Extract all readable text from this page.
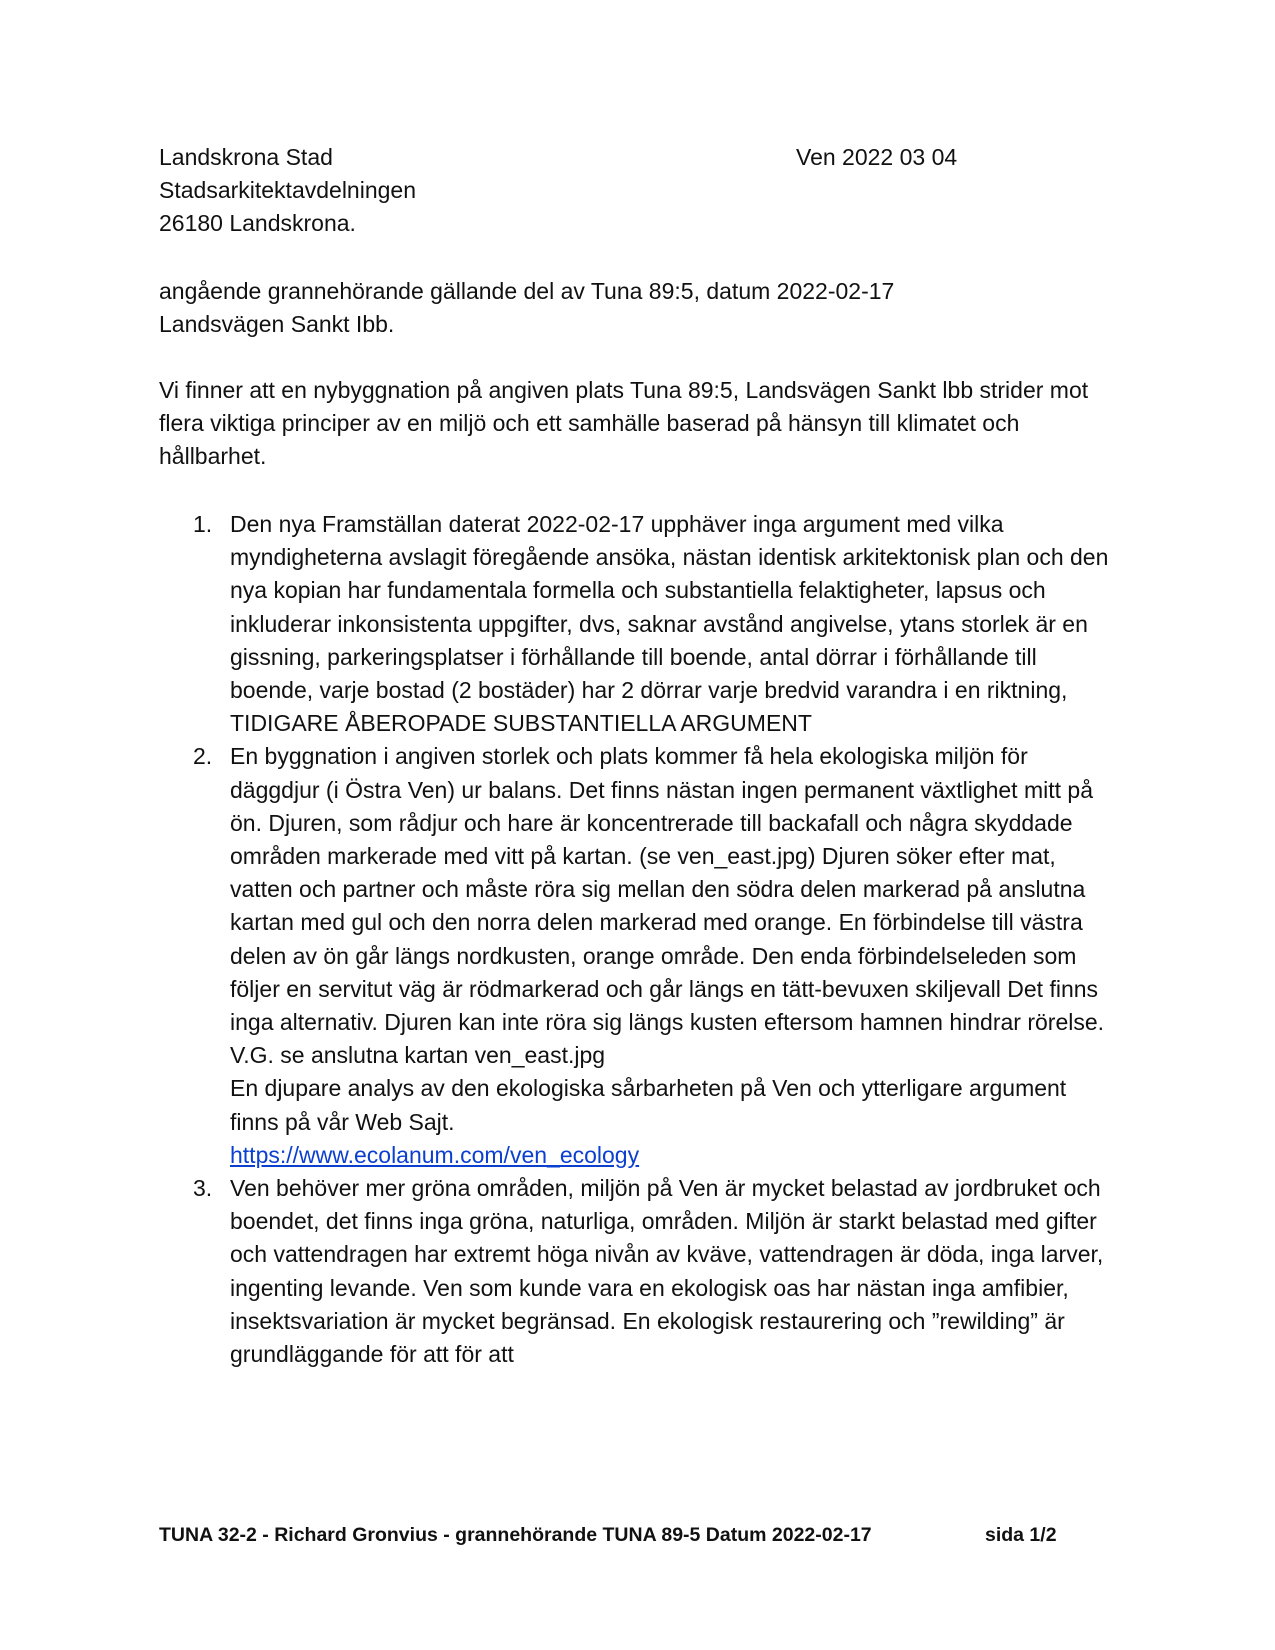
Landskrona Stad
Stadsarkitektavdelningen
26180 Landskrona.
Ven 2022 03 04
angående grannehörande gällande del av Tuna 89:5, datum 2022-02-17
Landsvägen Sankt Ibb.
Vi finner att en nybyggnation på angiven plats Tuna 89:5, Landsvägen Sankt lbb strider mot flera viktiga principer av en miljö och ett samhälle baserad på hänsyn till klimatet och hållbarhet.
1. Den nya Framställan daterat 2022-02-17 upphäver inga argument med vilka myndigheterna avslagit föregående ansöka, nästan identisk arkitektonisk plan och den nya kopian har fundamentala formella och substantiella felaktigheter, lapsus och inkluderar inkonsistenta uppgifter, dvs, saknar avstånd angivelse, ytans storlek är en gissning, parkeringsplatser i förhållande till boende, antal dörrar i förhållande till boende, varje bostad (2 bostäder) har 2 dörrar varje bredvid varandra i en riktning,

TIDIGARE ÅBEROPADE SUBSTANTIELLA ARGUMENT

2. En byggnation i angiven storlek och plats kommer få hela ekologiska miljön för däggdjur (i Östra Ven) ur balans. Det finns nästan ingen permanent växtlighet mitt på ön. Djuren, som rådjur och hare är koncentrerade till backafall och några skyddade områden markerade med vitt på kartan. (se ven_east.jpg) Djuren söker efter mat, vatten och partner och måste röra sig mellan den södra delen markerad på anslutna kartan med gul och den norra delen markerad med orange. En förbindelse till västra delen av ön går längs nordkusten, orange område. Den enda förbindelseleden som följer en servitut väg är rödmarkerad och går längs en tätt-bevuxen skiljevall Det finns inga alternativ. Djuren kan inte röra sig längs kusten eftersom hamnen hindrar rörelse. V.G. se anslutna kartan ven_east.jpg

En djupare analys av den ekologiska sårbarheten på Ven och ytterligare argument finns på vår Web Sajt.

https://www.ecolanum.com/ven_ecology

3. Ven behöver mer gröna områden, miljön på Ven är mycket belastad av jordbruket och boendet, det finns inga gröna, naturliga, områden. Miljön är starkt belastad med gifter och vattendragen har extremt höga nivån av kväve, vattendragen är döda, inga larver, ingenting levande. Ven som kunde vara en ekologisk oas har nästan inga amfibier, insektsvariation är mycket begränsad. En ekologisk restaurering och ”rewilding” är grundläggande för att för att

TUNA 32-2 - Richard Gronvius - grannehörande TUNA 89-5 Datum 2022-02-17	sida 1/2
